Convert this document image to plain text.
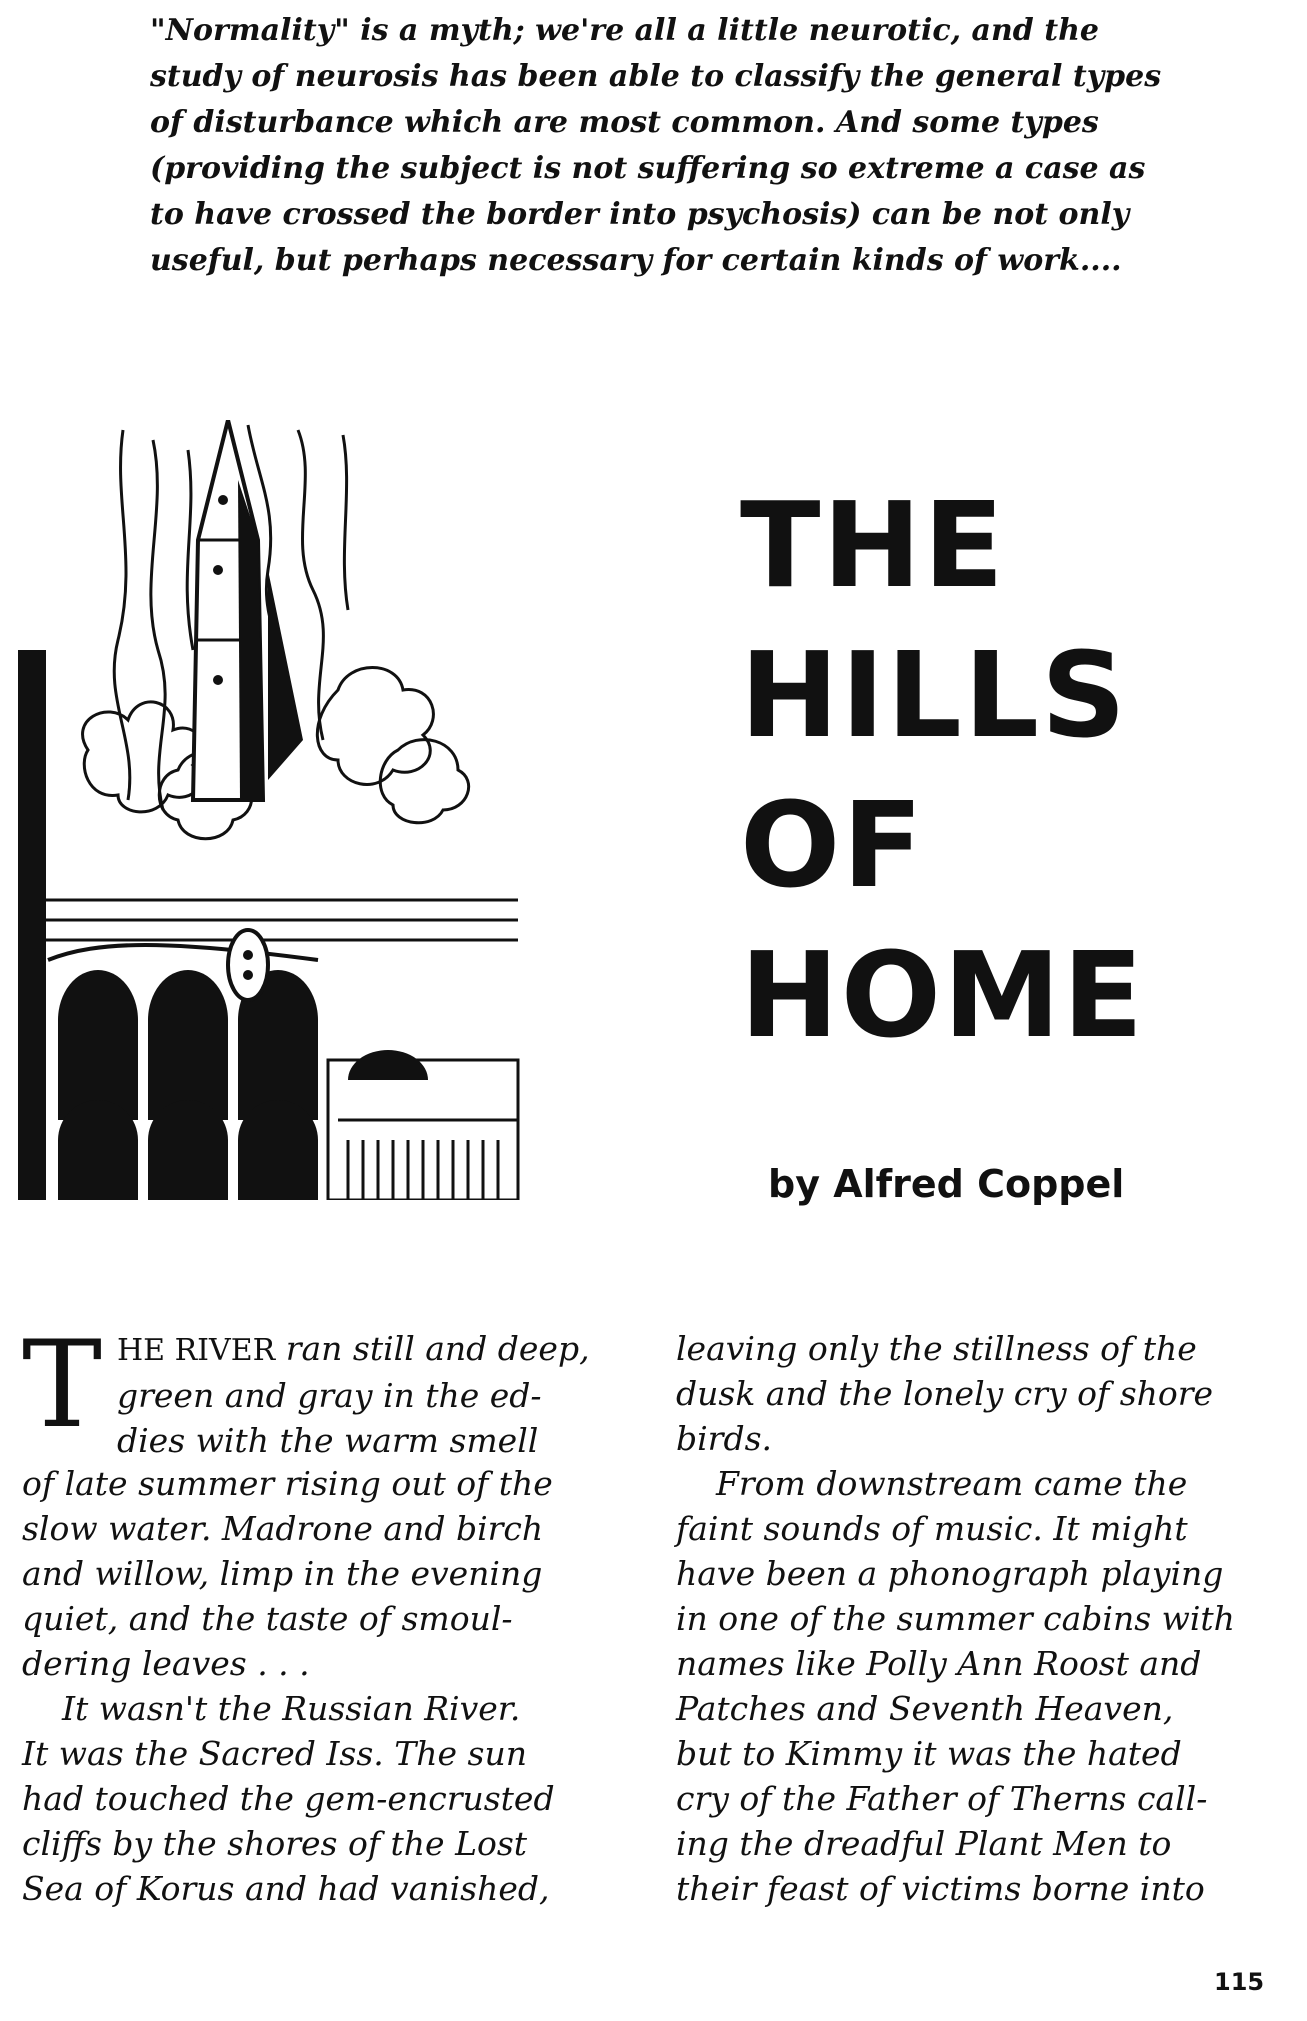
"Normality" is a myth; we're all a little neurotic, and the
study of neurosis has been able to classify the general types
of disturbance which are most common. And some types
(providing the subject is not suffering so extreme a case as
to have crossed the border into psychosis) can be not only
useful, but perhaps necessary for certain kinds of work....
THE
HILLS
OF
HOME
by Alfred Coppel
T HE RIVER ran still and deep,
green and gray in the ed-
dies with the warm smell
of late summer rising out of the
slow water. Madrone and birch
and willow, limp in the evening
quiet, and the taste of smoul-
dering leaves . . .
It wasn't the Russian River.
It was the Sacred Iss. The sun
had touched the gem-encrusted
cliffs by the shores of the Lost
Sea of Korus and had vanished,
leaving only the stillness of the
dusk and the lonely cry of shore
birds.
From downstream came the
faint sounds of music. It might
have been a phonograph playing
in one of the summer cabins with
names like Polly Ann Roost and
Patches and Seventh Heaven,
but to Kimmy it was the hated
cry of the Father of Therns call-
ing the dreadful Plant Men to
their feast of victims borne into
115
